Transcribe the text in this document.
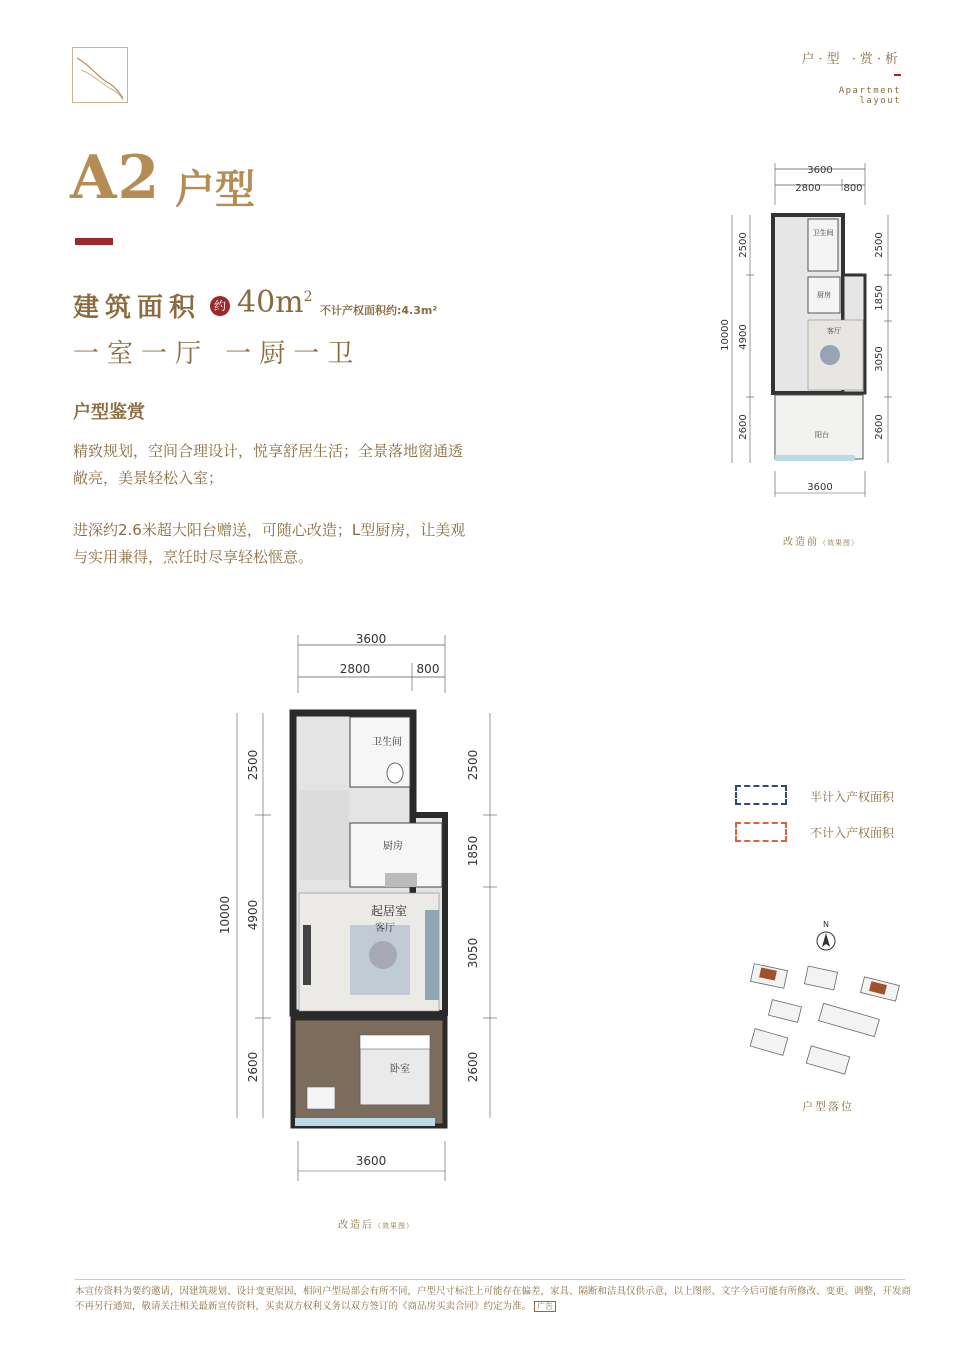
户·型 ·赏·析
Apartment
layout
A2 户型
建筑面积	约 $40m^2$
不计产权面积约:4.3m²
一室一厅 一厨一卫
户型鉴赏
精致规划，空间合理设计，悦享舒居生活；全景落地窗通透敞亮，美景轻松入室；
进深约2.6米超大阳台赠送，可随心改造；L型厨房，让美观与实用兼得，烹饪时尽享轻松惬意。
3600
2800 800
10000
2500
4900
2600
2500
1850
3050
2600
卫生间
厨房
客厅
阳台
3600
改造前（效果图）
3600
2800	800
10000
2500
4900
2600
2500
1850
3050
2600
卫生间
厨房
起居室
客厅
卧室
3600
改造后（效果图）
半计入产权面积
不计入产权面积
N
户型落位
本宣传资料为要约邀请，因建筑规划、设计变更原因，相同户型局部会有所不同，户型尺寸标注上可能存在偏差，家具、隔断和洁具仅供示意，以上图形、文字今后可能有所修改、变更、调整，开发商不再另行通知，敬请关注相关最新宣传资料，买卖双方权利义务以双方签订的《商品房买卖合同》约定为准。 广告
